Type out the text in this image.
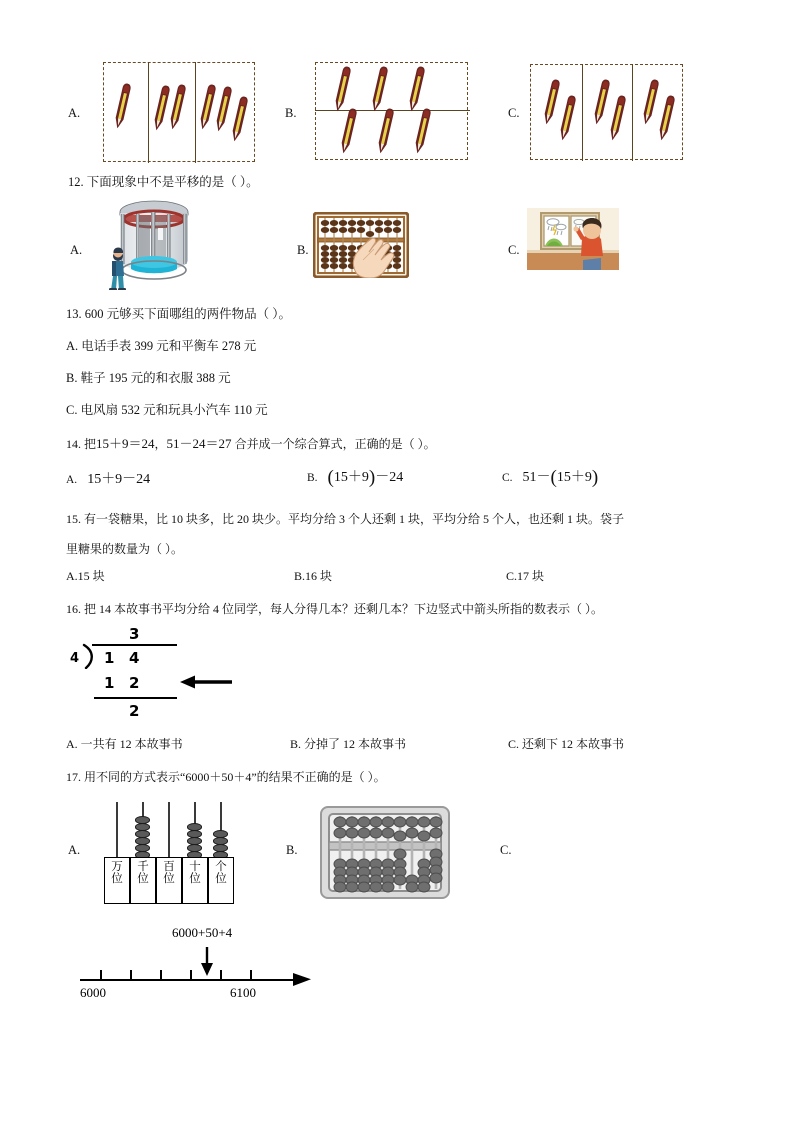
A.	B.	C.
12. 下面现象中不是平移的是（ ）。
A.	B.	C.
13. 600 元够买下面哪组的两件物品（ ）。
A. 电话手表 399 元和平衡车 278 元
B. 鞋子 195 元的和衣服 388 元
C. 电风扇 532 元和玩具小汽车 110 元
14. 把15＋9＝24，51－24＝27 合并成一个综合算式，正确的是（ ）。
A. 15＋9－24	B. (15＋9)－24	C. 51－(15＋9)
15. 有一袋糖果，比 10 块多，比 20 块少。平均分给 3 个人还剩 1 块，平均分给 5 个人，也还剩 1 块。袋子
里糖果的数量为（ ）。
A.15 块	B.16 块	C.17 块
16. 把 14 本故事书平均分给 4 位同学，每人分得几本？还剩几本？下边竖式中箭头所指的数表示（ ）。
3
4 1 4
1 2
2
A. 一共有 12 本故事书	B. 分掉了 12 本故事书	C. 还剩下 12 本故事书
17. 用不同的方式表示“6000＋50＋4”的结果不正确的是（ ）。
A.
万
位
千
位
百
位
十
位
个
位
B.	C.
6000+50+4
6000	6100
